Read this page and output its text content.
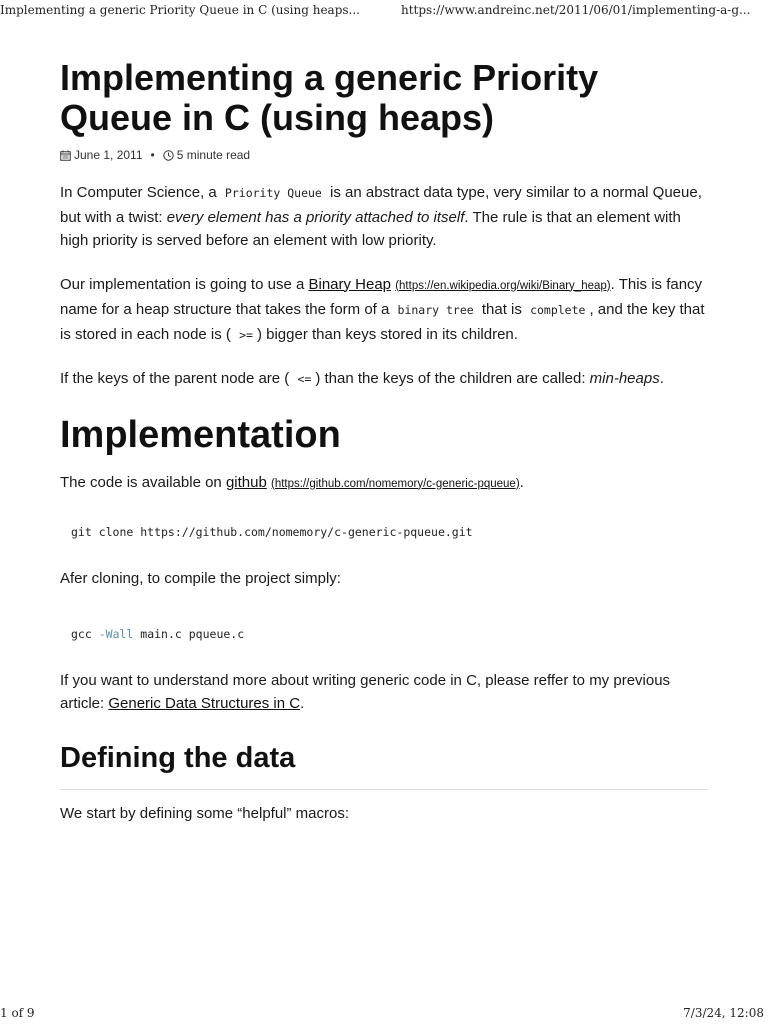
Implementing a generic Priority Queue in C (using heaps...	https://www.andreinc.net/2011/06/01/implementing-a-g...
Implementing a generic Priority Queue in C (using heaps)
June 1, 2011 • 5 minute read

In Computer Science, a Priority Queue is an abstract data type, very similar to a normal Queue, but with a twist: every element has a priority attached to itself. The rule is that an element with high priority is served before an element with low priority.

Our implementation is going to use a Binary Heap (https://en.wikipedia.org/wiki/Binary_heap). This is fancy name for a heap structure that takes the form of a binary tree that is complete , and the key that is stored in each node is ( >= ) bigger than keys stored in its children.

If the keys of the parent node are ( <= ) than the keys of the children are called: min-heaps.

Implementation

The code is available on github (https://github.com/nomemory/c-generic-pqueue).

git clone https://github.com/nomemory/c-generic-pqueue.git

Afer cloning, to compile the project simply:

gcc -Wall main.c pqueue.c

If you want to understand more about writing generic code in C, please reffer to my previous article: Generic Data Structures in C.

Defining the data

We start by defining some “helpful” macros:

1 of 9	7/3/24, 12:08
